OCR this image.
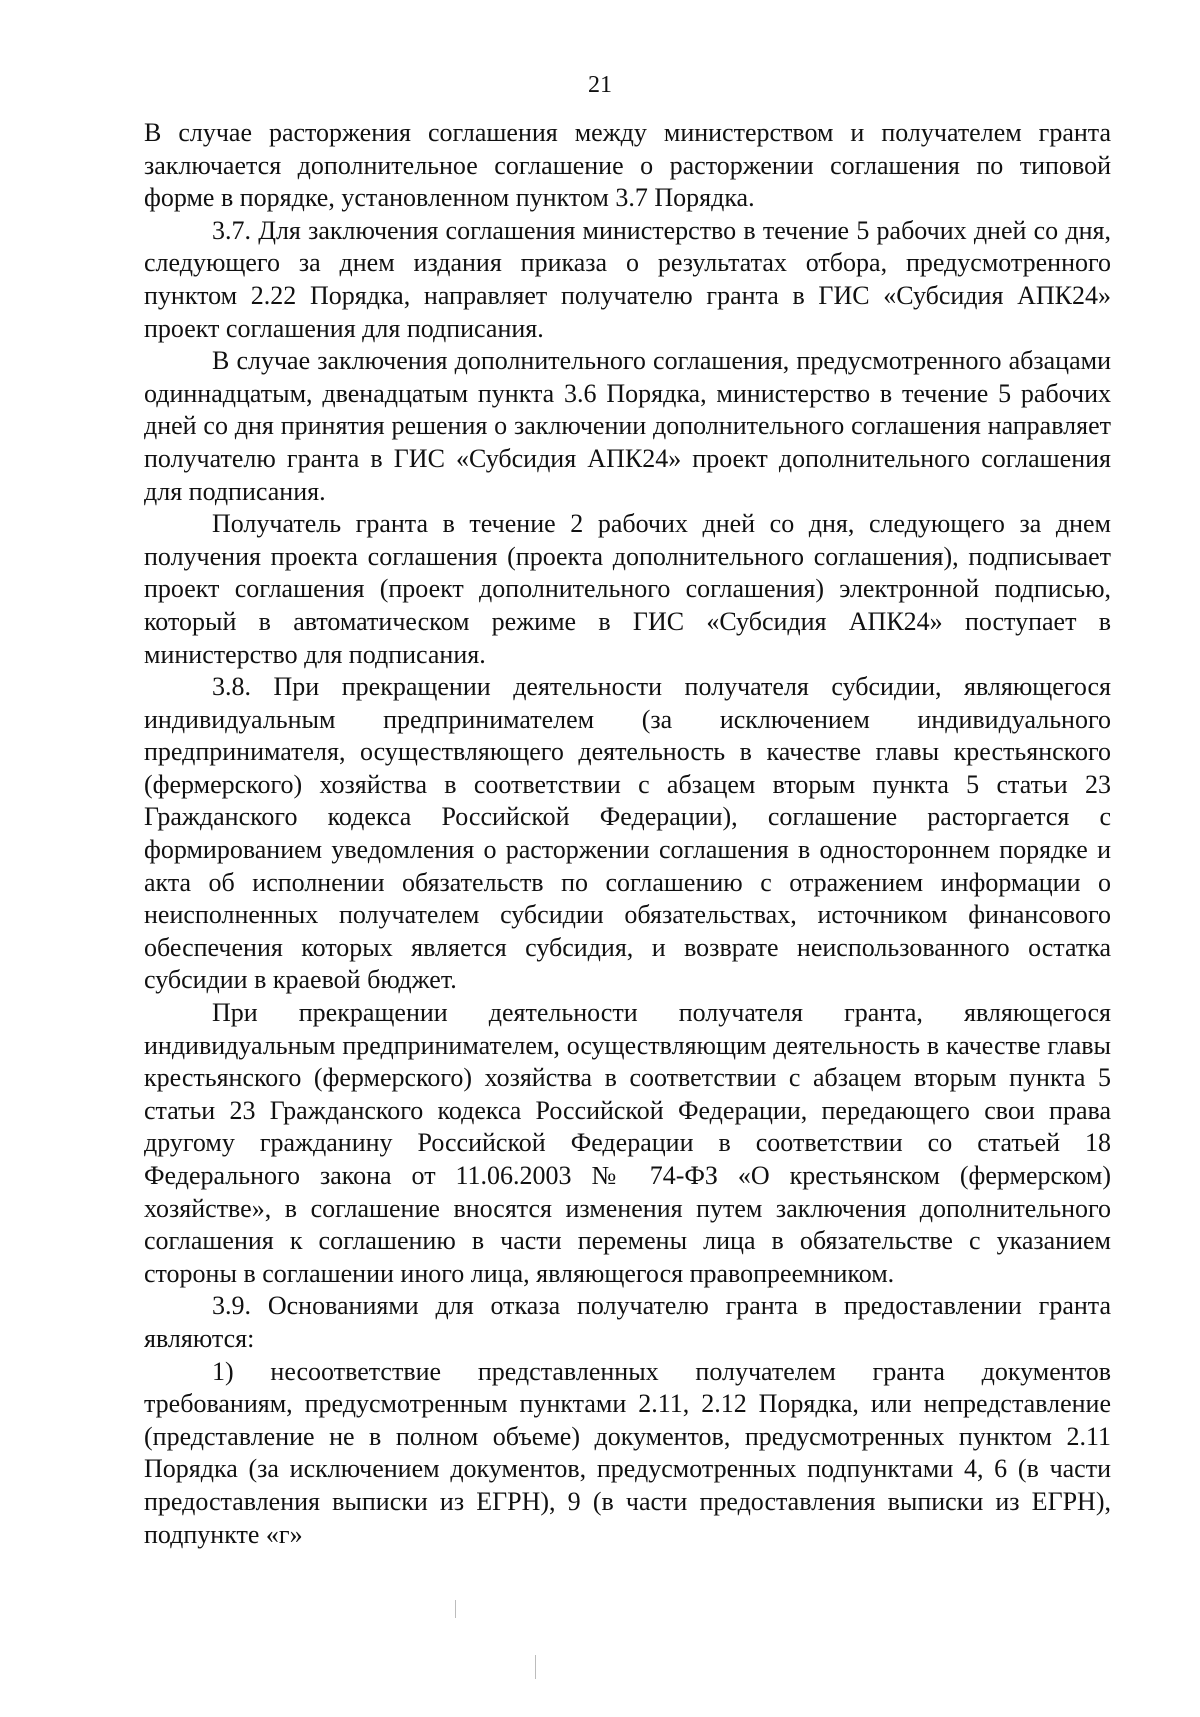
21

В случае расторжения соглашения между министерством и получателем гранта заключается дополнительное соглашение о расторжении соглашения по типовой форме в порядке, установленном пунктом 3.7 Порядка.

3.7. Для заключения соглашения министерство в течение 5 рабочих дней со дня, следующего за днем издания приказа о результатах отбора, предусмотренного пунктом 2.22 Порядка, направляет получателю гранта в ГИС «Субсидия АПК24» проект соглашения для подписания.

В случае заключения дополнительного соглашения, предусмотренного абзацами одиннадцатым, двенадцатым пункта 3.6 Порядка, министерство в течение 5 рабочих дней со дня принятия решения о заключении дополнительного соглашения направляет получателю гранта в ГИС «Субсидия АПК24» проект дополнительного соглашения для подписания.

Получатель гранта в течение 2 рабочих дней со дня, следующего за днем получения проекта соглашения (проекта дополнительного соглашения), подписывает проект соглашения (проект дополнительного соглашения) электронной подписью, который в автоматическом режиме в ГИС «Субсидия АПК24» поступает в министерство для подписания.

3.8. При прекращении деятельности получателя субсидии, являющегося индивидуальным предпринимателем (за исключением индивидуального предпринимателя, осуществляющего деятельность в качестве главы крестьянского (фермерского) хозяйства в соответствии с абзацем вторым пункта 5 статьи 23 Гражданского кодекса Российской Федерации), соглашение расторгается с формированием уведомления о расторжении соглашения в одностороннем порядке и акта об исполнении обязательств по соглашению с отражением информации о неисполненных получателем субсидии обязательствах, источником финансового обеспечения которых является субсидия, и возврате неиспользованного остатка субсидии в краевой бюджет.

При прекращении деятельности получателя гранта, являющегося индивидуальным предпринимателем, осуществляющим деятельность в качестве главы крестьянского (фермерского) хозяйства в соответствии с абзацем вторым пункта 5 статьи 23 Гражданского кодекса Российской Федерации, передающего свои права другому гражданину Российской Федерации в соответствии со статьей 18 Федерального закона от 11.06.2003 № 74-ФЗ «О крестьянском (фермерском) хозяйстве», в соглашение вносятся изменения путем заключения дополнительного соглашения к соглашению в части перемены лица в обязательстве с указанием стороны в соглашении иного лица, являющегося правопреемником.

3.9. Основаниями для отказа получателю гранта в предоставлении гранта являются:

1) несоответствие представленных получателем гранта документов требованиям, предусмотренным пунктами 2.11, 2.12 Порядка, или непредставление (представление не в полном объеме) документов, предусмотренных пунктом 2.11 Порядка (за исключением документов, предусмотренных подпунктами 4, 6 (в части предоставления выписки из ЕГРН), 9 (в части предоставления выписки из ЕГРН), подпункте «г»
